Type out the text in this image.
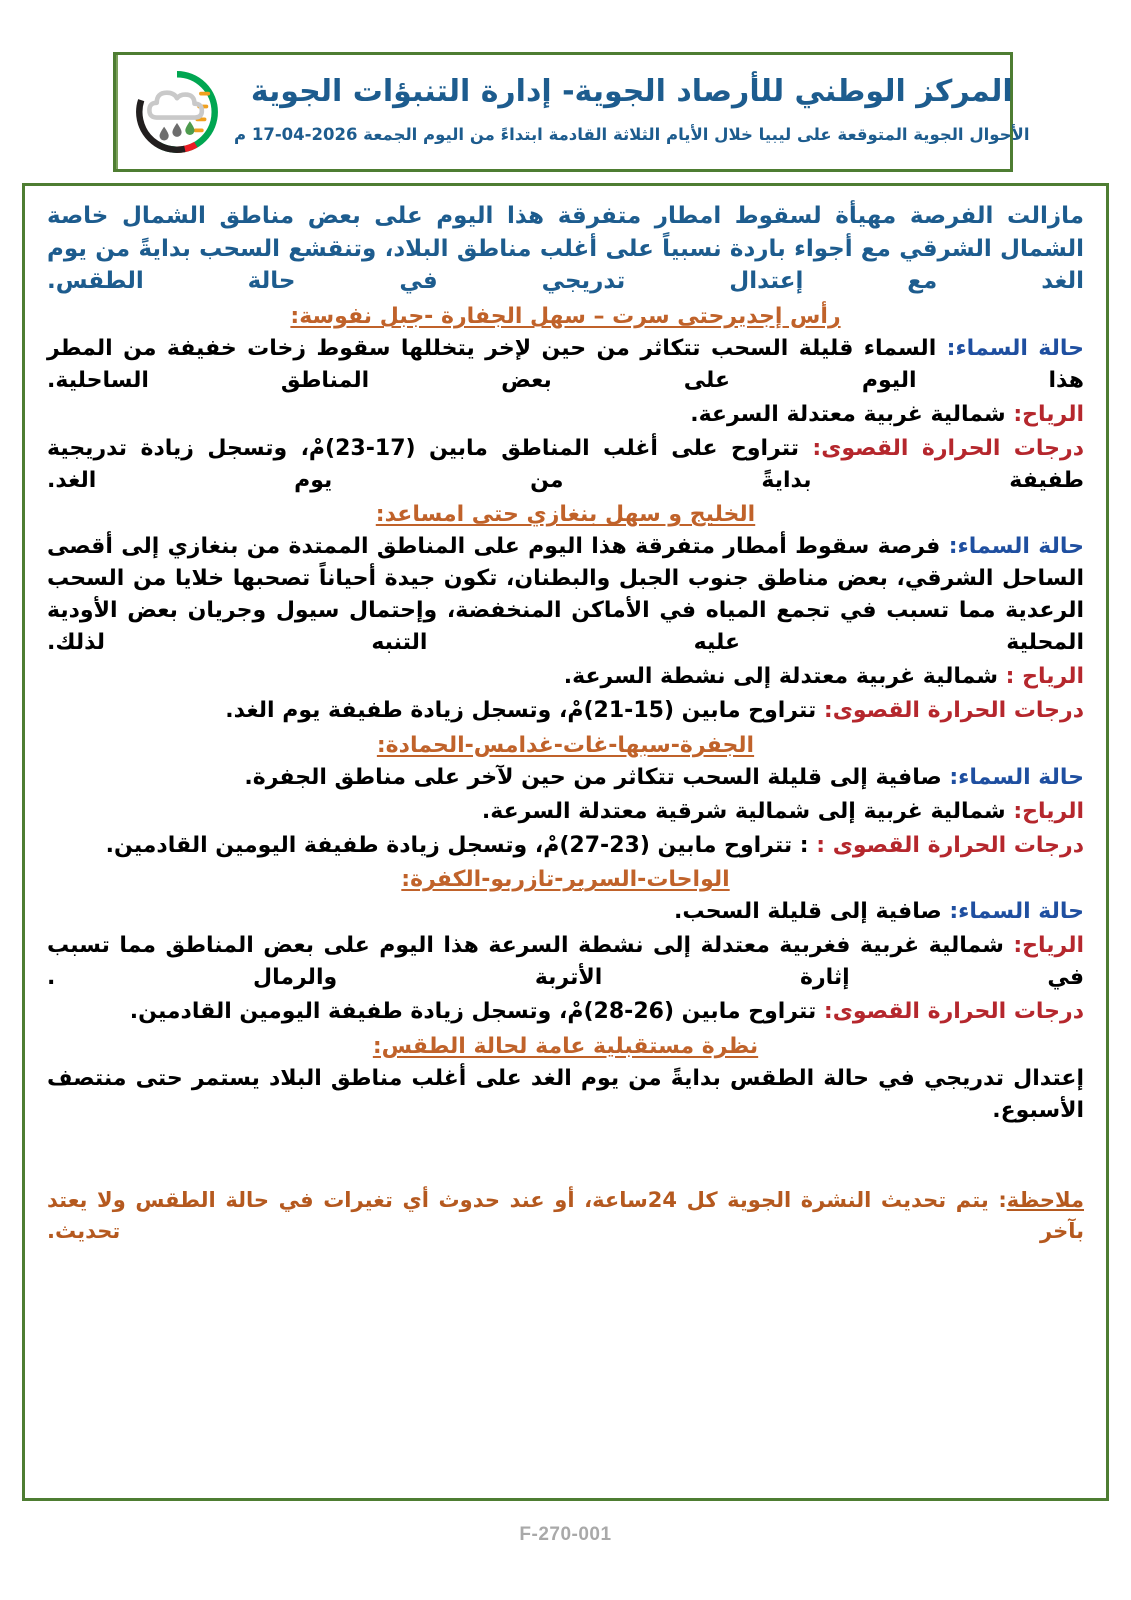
المركز الوطني للأرصاد الجوية- إدارة التنبؤات الجوية
الأحوال الجوية المتوقعة على ليبيا خلال الأيام الثلاثة القادمة ابتداءً من اليوم الجمعة 2026-04-17 م

مازالت الفرصة مهيأة لسقوط امطار متفرقة هذا اليوم على بعض مناطق الشمال خاصة الشمال الشرقي مع أجواء باردة نسبياً على أغلب مناطق البلاد، وتنقشع السحب بدايةً من يوم الغد مع إعتدال تدريجي في حالة الطقس.

رأس إجديرحتى سرت – سهل الجفارة -جبل نفوسة:

حالة السماء: السماء قليلة السحب تتكاثر من حين لإخر يتخللها سقوط زخات خفيفة من المطر هذا اليوم على بعض المناطق الساحلية.

الرياح: شمالية غربية معتدلة السرعة.

درجات الحرارة القصوى: تتراوح على أغلب المناطق مابين (17-23)مْ، وتسجل زيادة تدريجية طفيفة بدايةً من يوم الغد.

الخليج و سهل بنغازي حتى امساعد:

حالة السماء: فرصة سقوط أمطار متفرقة هذا اليوم على المناطق الممتدة من بنغازي إلى أقصى الساحل الشرقي، بعض مناطق جنوب الجبل والبطنان، تكون جيدة أحياناً تصحبها خلايا من السحب الرعدية مما تسبب في تجمع المياه في الأماكن المنخفضة، وإحتمال سيول وجريان بعض الأودية المحلية عليه التنبه لذلك.

الرياح : شمالية غربية معتدلة إلى نشطة السرعة.

درجات الحرارة القصوى: تتراوح مابين (15-21)مْ، وتسجل زيادة طفيفة يوم الغد.

الجفرة-سبها-غات-غدامس-الحمادة:

حالة السماء: صافية إلى قليلة السحب تتكاثر من حين لآخر على مناطق الجفرة.

الرياح: شمالية غربية إلى شمالية شرقية معتدلة السرعة.

درجات الحرارة القصوى : : تتراوح مابين (23-27)مْ، وتسجل زيادة طفيفة اليومين القادمين.

الواحات-السرير-تازربو-الكفرة:

حالة السماء: صافية إلى قليلة السحب.

الرياح: شمالية غربية فغربية معتدلة إلى نشطة السرعة هذا اليوم على بعض المناطق مما تسبب في إثارة الأتربة والرمال .

درجات الحرارة القصوى: تتراوح مابين (26-28)مْ، وتسجل زيادة طفيفة اليومين القادمين.

نظرة مستقبلية عامة لحالة الطقس:

إعتدال تدريجي في حالة الطقس بدايةً من يوم الغد على أغلب مناطق البلاد يستمر حتى منتصف الأسبوع.

ملاحظة: يتم تحديث النشرة الجوية كل 24ساعة، أو عند حدوث أي تغيرات في حالة الطقس ولا يعتد بآخر تحديث.

F-270-001
